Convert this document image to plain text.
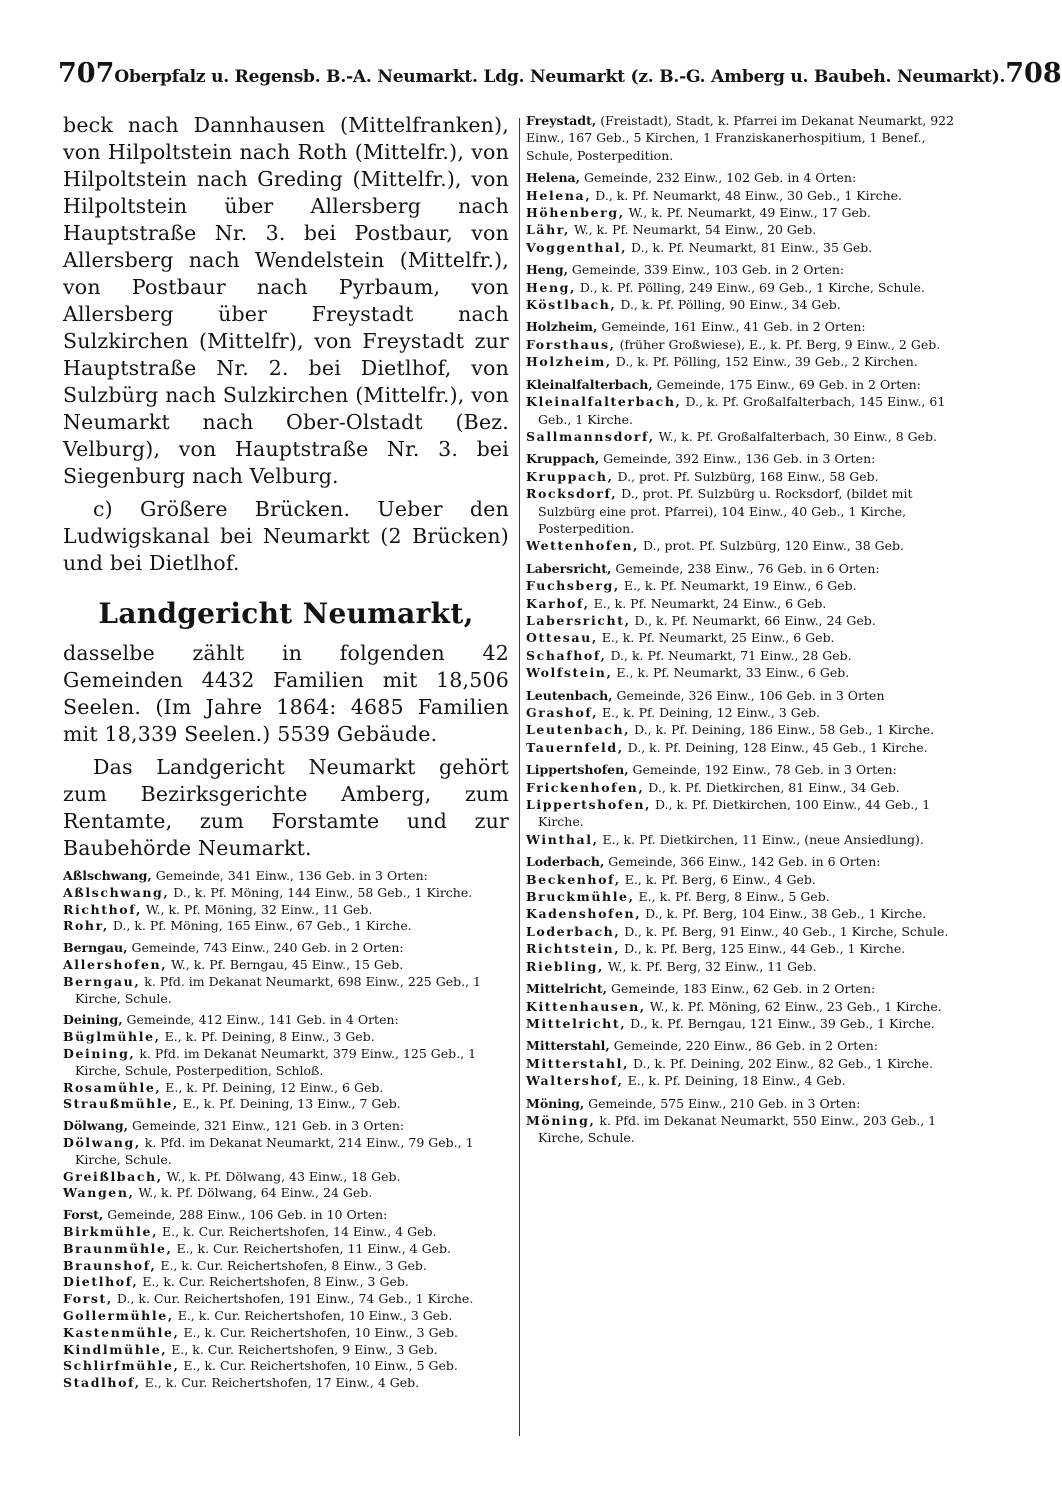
707 Oberpfalz u. Regensb. B.-A. Neumarkt. Ldg. Neumarkt (z. B.-G. Amberg u. Baubeh. Neumarkt). 708

beck nach Dannhausen (Mittelfranken), von Hilpoltstein nach Roth (Mittelfr.), von Hilpoltstein nach Greding (Mittelfr.), von Hilpoltstein über Allersberg nach Hauptstraße Nr. 3. bei Postbaur, von Allersberg nach Wendelstein (Mittelfr.), von Postbaur nach Pyrbaum, von Allersberg über Freystadt nach Sulzkirchen (Mittelfr), von Freystadt zur Hauptstraße Nr. 2. bei Dietlhof, von Sulzbürg nach Sulzkirchen (Mittelfr.), von Neumarkt nach Ober-Olstadt (Bez. Velburg), von Hauptstraße Nr. 3. bei Siegenburg nach Velburg.

c) Größere Brücken. Ueber den Ludwigskanal bei Neumarkt (2 Brücken) und bei Dietlhof.

Landgericht Neumarkt,

dasselbe zählt in folgenden 42 Gemeinden 4432 Familien mit 18,506 Seelen. (Im Jahre 1864: 4685 Familien mit 18,339 Seelen.) 5539 Gebäude.

Das Landgericht Neumarkt gehört zum Bezirksgerichte Amberg, zum Rentamte, zum Forstamte und zur Baubehörde Neumarkt.

Aßlschwang, Gemeinde, 341 Einw., 136 Geb. in 3 Orten:

Aßlschwang, D., k. Pf. Möning, 144 Einw., 58 Geb., 1 Kirche.

Richthof, W., k. Pf. Möning, 32 Einw., 11 Geb.

Rohr, D., k. Pf. Möning, 165 Einw., 67 Geb., 1 Kirche.

Berngau, Gemeinde, 743 Einw., 240 Geb. in 2 Orten:

Allershofen, W., k. Pf. Berngau, 45 Einw., 15 Geb.

Berngau, k. Pfd. im Dekanat Neumarkt, 698 Einw., 225 Geb., 1 Kirche, Schule.

Deining, Gemeinde, 412 Einw., 141 Geb. in 4 Orten:

Büglmühle, E., k. Pf. Deining, 8 Einw., 3 Geb.

Deining, k. Pfd. im Dekanat Neumarkt, 379 Einw., 125 Geb., 1 Kirche, Schule, Posterpedition, Schloß.

Rosamühle, E., k. Pf. Deining, 12 Einw., 6 Geb.

Straußmühle, E., k. Pf. Deining, 13 Einw., 7 Geb.

Dölwang, Gemeinde, 321 Einw., 121 Geb. in 3 Orten:

Dölwang, k. Pfd. im Dekanat Neumarkt, 214 Einw., 79 Geb., 1 Kirche, Schule.

Greißlbach, W., k. Pf. Dölwang, 43 Einw., 18 Geb.

Wangen, W., k. Pf. Dölwang, 64 Einw., 24 Geb.

Forst, Gemeinde, 288 Einw., 106 Geb. in 10 Orten:

Birkmühle, E., k. Cur. Reichertshofen, 14 Einw., 4 Geb.

Braunmühle, E., k. Cur. Reichertshofen, 11 Einw., 4 Geb.

Braunshof, E., k. Cur. Reichertshofen, 8 Einw., 3 Geb.

Dietlhof, E., k. Cur. Reichertshofen, 8 Einw., 3 Geb.

Forst, D., k. Cur. Reichertshofen, 191 Einw., 74 Geb., 1 Kirche.

Gollermühle, E., k. Cur. Reichertshofen, 10 Einw., 3 Geb.

Kastenmühle, E., k. Cur. Reichertshofen, 10 Einw., 3 Geb.

Kindlmühle, E., k. Cur. Reichertshofen, 9 Einw., 3 Geb.

Schlirfmühle, E., k. Cur. Reichertshofen, 10 Einw., 5 Geb.

Stadlhof, E., k. Cur. Reichertshofen, 17 Einw., 4 Geb.

Freystadt, (Freistadt), Stadt, k. Pfarrei im Dekanat Neumarkt, 922 Einw., 167 Geb., 5 Kirchen, 1 Franziskanerhospitium, 1 Benef., Schule, Posterpedition.

Helena, Gemeinde, 232 Einw., 102 Geb. in 4 Orten:

Helena, D., k. Pf. Neumarkt, 48 Einw., 30 Geb., 1 Kirche.

Höhenberg, W., k. Pf. Neumarkt, 49 Einw., 17 Geb.

Lähr, W., k. Pf. Neumarkt, 54 Einw., 20 Geb.

Voggenthal, D., k. Pf. Neumarkt, 81 Einw., 35 Geb.

Heng, Gemeinde, 339 Einw., 103 Geb. in 2 Orten:

Heng, D., k. Pf. Pölling, 249 Einw., 69 Geb., 1 Kirche, Schule.

Köstlbach, D., k. Pf. Pölling, 90 Einw., 34 Geb.

Holzheim, Gemeinde, 161 Einw., 41 Geb. in 2 Orten:

Forsthaus, (früher Großwiese), E., k. Pf. Berg, 9 Einw., 2 Geb.

Holzheim, D., k. Pf. Pölling, 152 Einw., 39 Geb., 2 Kirchen.

Kleinalfalterbach, Gemeinde, 175 Einw., 69 Geb. in 2 Orten:

Kleinalfalterbach, D., k. Pf. Großalfalterbach, 145 Einw., 61 Geb., 1 Kirche.

Sallmannsdorf, W., k. Pf. Großalfalterbach, 30 Einw., 8 Geb.

Kruppach, Gemeinde, 392 Einw., 136 Geb. in 3 Orten:

Kruppach, D., prot. Pf. Sulzbürg, 168 Einw., 58 Geb.

Rocksdorf, D., prot. Pf. Sulzbürg u. Rocksdorf, (bildet mit Sulzbürg eine prot. Pfarrei), 104 Einw., 40 Geb., 1 Kirche, Posterpedition.

Wettenhofen, D., prot. Pf. Sulzbürg, 120 Einw., 38 Geb.

Labersricht, Gemeinde, 238 Einw., 76 Geb. in 6 Orten:

Fuchsberg, E., k. Pf. Neumarkt, 19 Einw., 6 Geb.

Karhof, E., k. Pf. Neumarkt, 24 Einw., 6 Geb.

Labersricht, D., k. Pf. Neumarkt, 66 Einw., 24 Geb.

Ottesau, E., k. Pf. Neumarkt, 25 Einw., 6 Geb.

Schafhof, D., k. Pf. Neumarkt, 71 Einw., 28 Geb.

Wolfstein, E., k. Pf. Neumarkt, 33 Einw., 6 Geb.

Leutenbach, Gemeinde, 326 Einw., 106 Geb. in 3 Orten

Grashof, E., k. Pf. Deining, 12 Einw., 3 Geb.

Leutenbach, D., k. Pf. Deining, 186 Einw., 58 Geb., 1 Kirche.

Tauernfeld, D., k. Pf. Deining, 128 Einw., 45 Geb., 1 Kirche.

Lippertshofen, Gemeinde, 192 Einw., 78 Geb. in 3 Orten:

Frickenhofen, D., k. Pf. Dietkirchen, 81 Einw., 34 Geb.

Lippertshofen, D., k. Pf. Dietkirchen, 100 Einw., 44 Geb., 1 Kirche.

Winthal, E., k. Pf. Dietkirchen, 11 Einw., (neue Ansiedlung).

Loderbach, Gemeinde, 366 Einw., 142 Geb. in 6 Orten:

Beckenhof, E., k. Pf. Berg, 6 Einw., 4 Geb.

Bruckmühle, E., k. Pf. Berg, 8 Einw., 5 Geb.

Kadenshofen, D., k. Pf. Berg, 104 Einw., 38 Geb., 1 Kirche.

Loderbach, D., k. Pf. Berg, 91 Einw., 40 Geb., 1 Kirche, Schule.

Richtstein, D., k. Pf. Berg, 125 Einw., 44 Geb., 1 Kirche.

Riebling, W., k. Pf. Berg, 32 Einw., 11 Geb.

Mittelricht, Gemeinde, 183 Einw., 62 Geb. in 2 Orten:

Kittenhausen, W., k. Pf. Möning, 62 Einw., 23 Geb., 1 Kirche.

Mittelricht, D., k. Pf. Berngau, 121 Einw., 39 Geb., 1 Kirche.

Mitterstahl, Gemeinde, 220 Einw., 86 Geb. in 2 Orten:

Mitterstahl, D., k. Pf. Deining, 202 Einw., 82 Geb., 1 Kirche.

Waltershof, E., k. Pf. Deining, 18 Einw., 4 Geb.

Möning, Gemeinde, 575 Einw., 210 Geb. in 3 Orten:

Möning, k. Pfd. im Dekanat Neumarkt, 550 Einw., 203 Geb., 1 Kirche, Schule.
